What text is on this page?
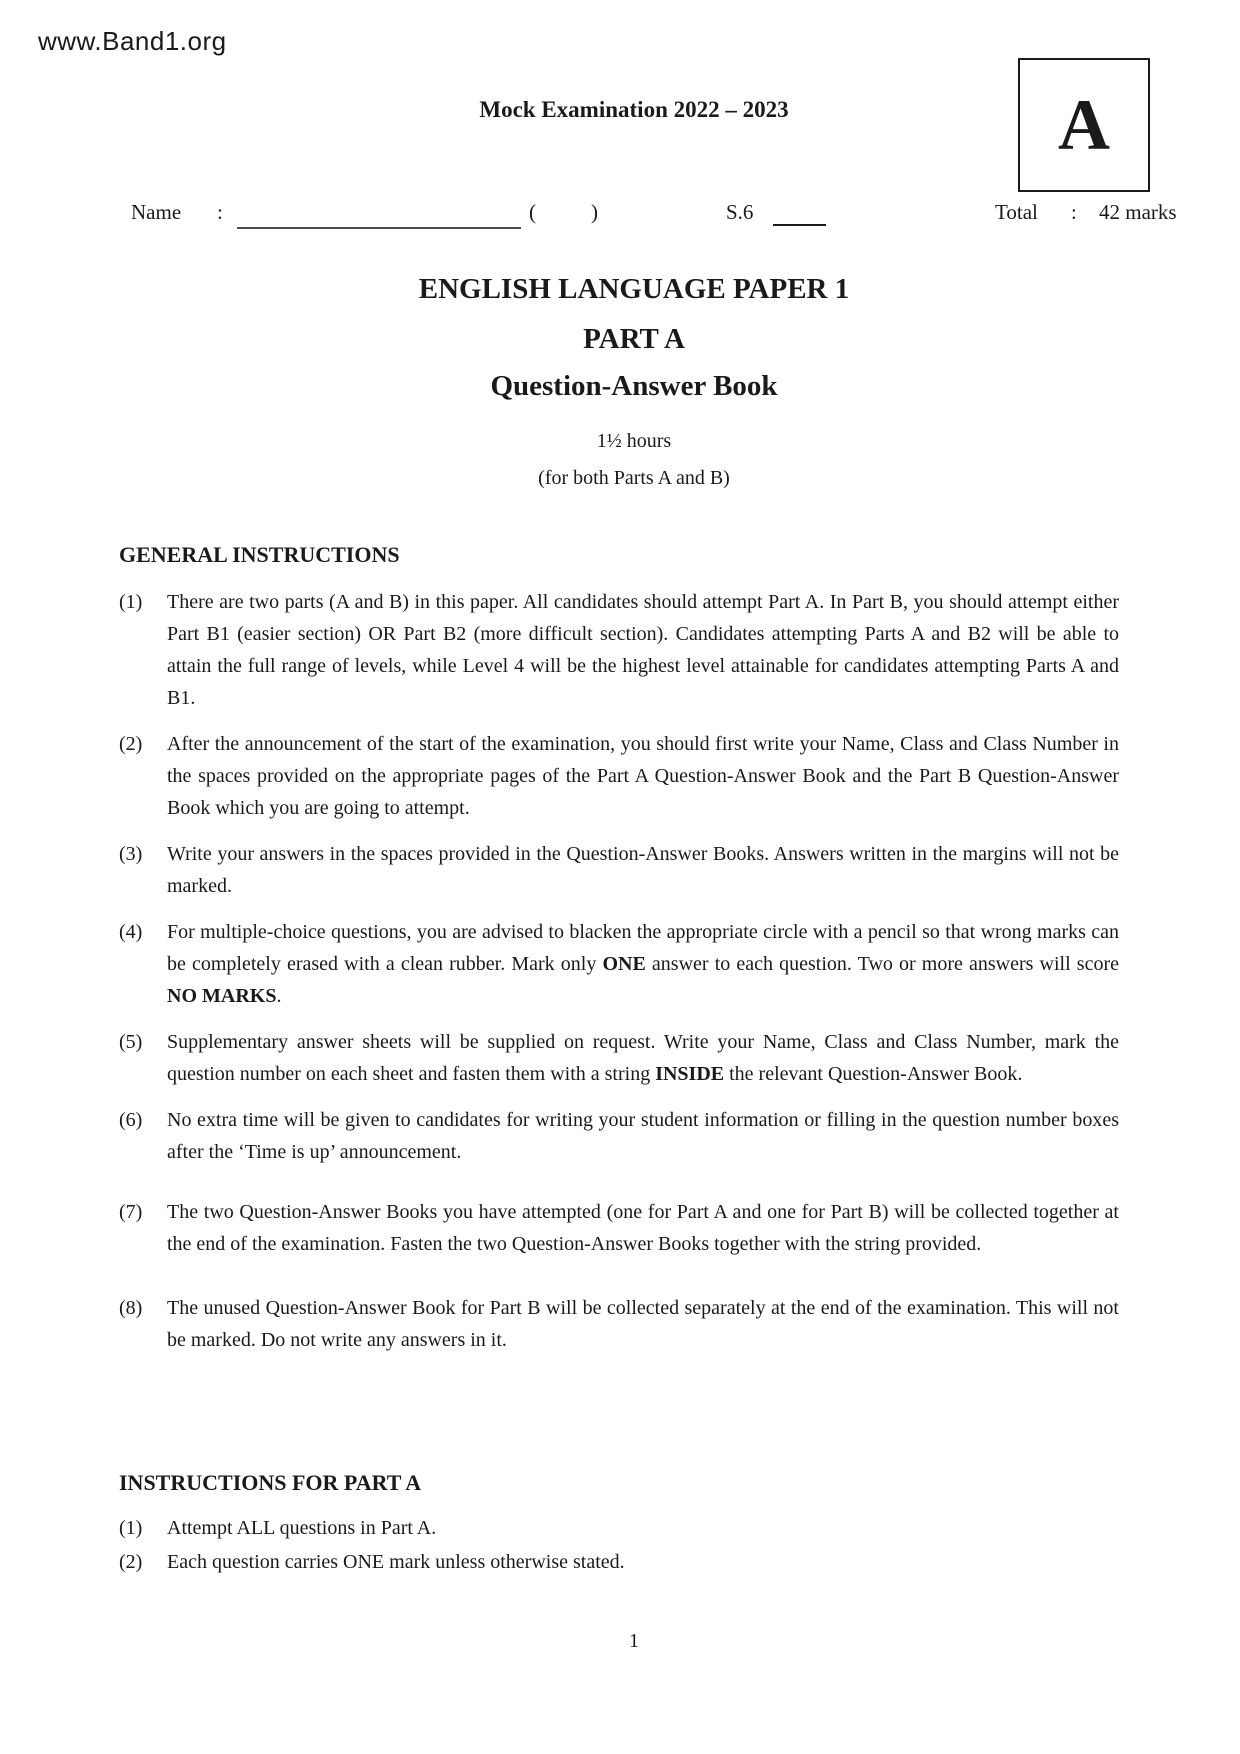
www.Band1.org
Mock Examination 2022 – 2023	A
Name :	(	)	S.6	Total : 42 marks
ENGLISH LANGUAGE PAPER 1
PART A
Question-Answer Book
1½ hours
(for both Parts A and B)
GENERAL INSTRUCTIONS
(1)	There are two parts (A and B) in this paper. All candidates should attempt Part A. In Part B, you should attempt either Part B1 (easier section) OR Part B2 (more difficult section). Candidates attempting Parts A and B2 will be able to attain the full range of levels, while Level 4 will be the highest level attainable for candidates attempting Parts A and B1.
(2)	After the announcement of the start of the examination, you should first write your Name, Class and Class Number in the spaces provided on the appropriate pages of the Part A Question-Answer Book and the Part B Question-Answer Book which you are going to attempt.
(3)	Write your answers in the spaces provided in the Question-Answer Books. Answers written in the margins will not be marked.
(4)	For multiple-choice questions, you are advised to blacken the appropriate circle with a pencil so that wrong marks can be completely erased with a clean rubber. Mark only ONE answer to each question. Two or more answers will score NO MARKS.
(5)	Supplementary answer sheets will be supplied on request. Write your Name, Class and Class Number, mark the question number on each sheet and fasten them with a string INSIDE the relevant Question-Answer Book.
(6)	No extra time will be given to candidates for writing your student information or filling in the question number boxes after the ‘Time is up’ announcement.
(7)	The two Question-Answer Books you have attempted (one for Part A and one for Part B) will be collected together at the end of the examination. Fasten the two Question-Answer Books together with the string provided.
(8)	The unused Question-Answer Book for Part B will be collected separately at the end of the examination. This will not be marked. Do not write any answers in it.
INSTRUCTIONS FOR PART A
(1)	Attempt ALL questions in Part A.
(2)	Each question carries ONE mark unless otherwise stated.
1
